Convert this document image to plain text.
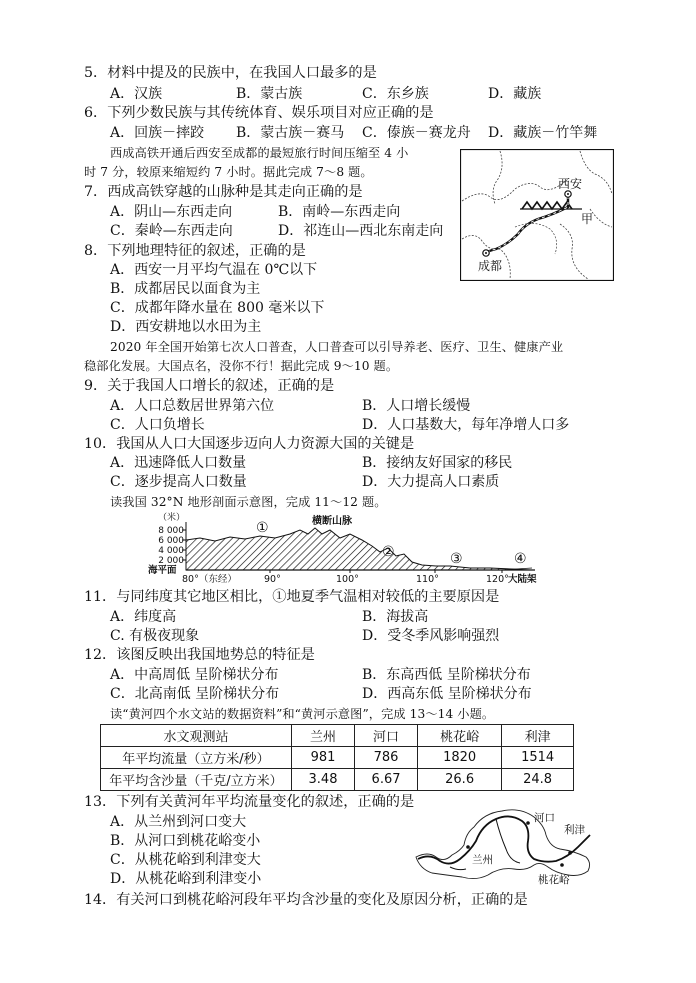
5．材料中提及的民族中，在我国人口最多的是
A．汉族	B．蒙古族	C．东乡族	D．藏族
6．下列少数民族与其传统体育、娱乐项目对应正确的是
A．回族－摔跤 B．蒙古族－赛马 C．傣族－赛龙舟 D．藏族－竹竿舞
西成高铁开通后西安至成都的最短旅行时间压缩至 4 小
时 7 分，较原来缩短约 7 小时。据此完成 7～8 题。
7．西成高铁穿越的山脉种是其走向正确的是
A．阴山—东西走向	B．南岭—东西走向
C．秦岭—东西走向	D．祁连山—西北东南走向
西安
甲
成都
8．下列地理特征的叙述，正确的是
A．西安一月平均气温在 0℃以下
B．成都居民以面食为主
C．成都年降水量在 800 毫米以下
D．西安耕地以水田为主
2020 年全国开始第七次人口普查，人口普查可以引导养老、医疗、卫生、健康产业
稳部化发展。大国点名，没你不行！据此完成 9～10 题。
9．关于我国人口增长的叙述，正确的是
A．人口总数居世界第六位	B．人口增长缓慢
C．人口负增长	D．人口基数大，每年净增人口多
10．我国从人口大国逐步迈向人力资源大国的关键是
A．迅速降低人口数量	B．接纳友好国家的移民
C．逐步提高人口数量	D．大力提高人口素质
读我国 32°N 地形剖面示意图，完成 11～12 题。
（米）
8 000
6 000
4 000
2 000
海平面
80°（东经）	90°	100°	110°	120° 大陆架
横断山脉
①
②	③	④
11．与同纬度其它地区相比，①地夏季气温相对较低的主要原因是
A．纬度高	B．海拔高
C. 有极夜现象	D．受冬季风影响强烈
12．该图反映出我国地势总的特征是
A．中高周低 呈阶梯状分布	B．东高西低 呈阶梯状分布
C．北高南低 呈阶梯状分布	D．西高东低 呈阶梯状分布
读“黄河四个水文站的数据资料”和“黄河示意图”，完成 13～14 小题。
水文观测站	兰州	河口	桃花峪	利津
年平均流量（立方米/秒）	981	786	1820	1514
年平均含沙量（千克/立方米）	3.48	6.67	26.6	24.8
13．下列有关黄河年平均流量变化的叙述，正确的是
A．从兰州到河口变大
B．从河口到桃花峪变小
C．从桃花峪到利津变大
D．从桃花峪到利津变小
河口
利津
兰州
桃花峪
14．有关河口到桃花峪河段年平均含沙量的变化及原因分析，正确的是
